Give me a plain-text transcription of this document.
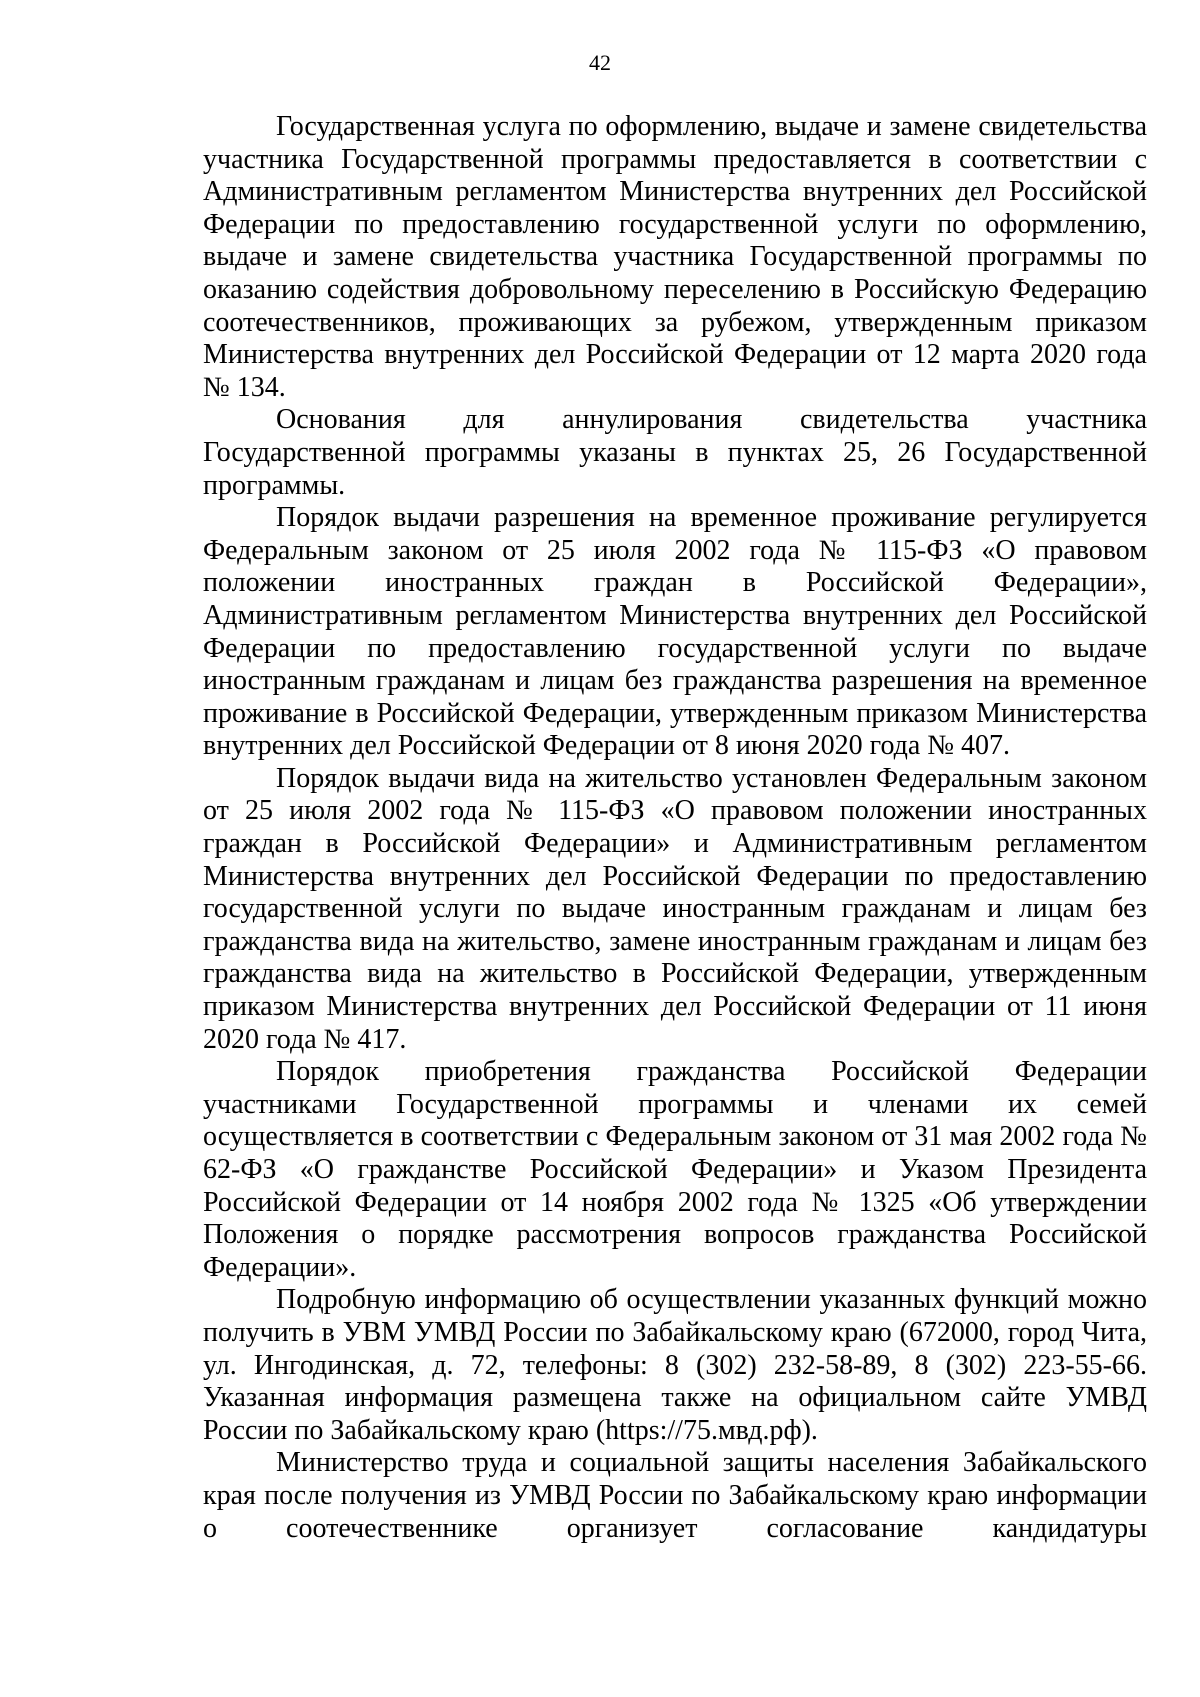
42

Государственная услуга по оформлению, выдаче и замене свидетельства участника Государственной программы предоставляется в соответствии с Административным регламентом Министерства внутренних дел Российской Федерации по предоставлению государственной услуги по оформлению, выдаче и замене свидетельства участника Государственной программы по оказанию содействия добровольному переселению в Российскую Федерацию соотечественников, проживающих за рубежом, утвержденным приказом Министерства внутренних дел Российской Федерации от 12 марта 2020 года № 134.

Основания для аннулирования свидетельства участника Государственной программы указаны в пунктах 25, 26 Государственной программы.

Порядок выдачи разрешения на временное проживание регулируется Федеральным законом от 25 июля 2002 года № 115-ФЗ «О правовом положении иностранных граждан в Российской Федерации», Административным регламентом Министерства внутренних дел Российской Федерации по предоставлению государственной услуги по выдаче иностранным гражданам и лицам без гражданства разрешения на временное проживание в Российской Федерации, утвержденным приказом Министерства внутренних дел Российской Федерации от 8 июня 2020 года № 407.

Порядок выдачи вида на жительство установлен Федеральным законом от 25 июля 2002 года № 115-ФЗ «О правовом положении иностранных граждан в Российской Федерации» и Административным регламентом Министерства внутренних дел Российской Федерации по предоставлению государственной услуги по выдаче иностранным гражданам и лицам без гражданства вида на жительство, замене иностранным гражданам и лицам без гражданства вида на жительство в Российской Федерации, утвержденным приказом Министерства внутренних дел Российской Федерации от 11 июня 2020 года № 417.

Порядок приобретения гражданства Российской Федерации участниками Государственной программы и членами их семей осуществляется в соответствии с Федеральным законом от 31 мая 2002 года № 62-ФЗ «О гражданстве Российской Федерации» и Указом Президента Российской Федерации от 14 ноября 2002 года № 1325 «Об утверждении Положения о порядке рассмотрения вопросов гражданства Российской Федерации».

Подробную информацию об осуществлении указанных функций можно получить в УВМ УМВД России по Забайкальскому краю (672000, город Чита, ул. Ингодинская, д. 72, телефоны: 8 (302) 232-58-89, 8 (302) 223-55-66. Указанная информация размещена также на официальном сайте УМВД России по Забайкальскому краю (https://75.мвд.рф).

Министерство труда и социальной защиты населения Забайкальского края после получения из УМВД России по Забайкальскому краю информации о соотечественнике организует согласование кандидатуры
